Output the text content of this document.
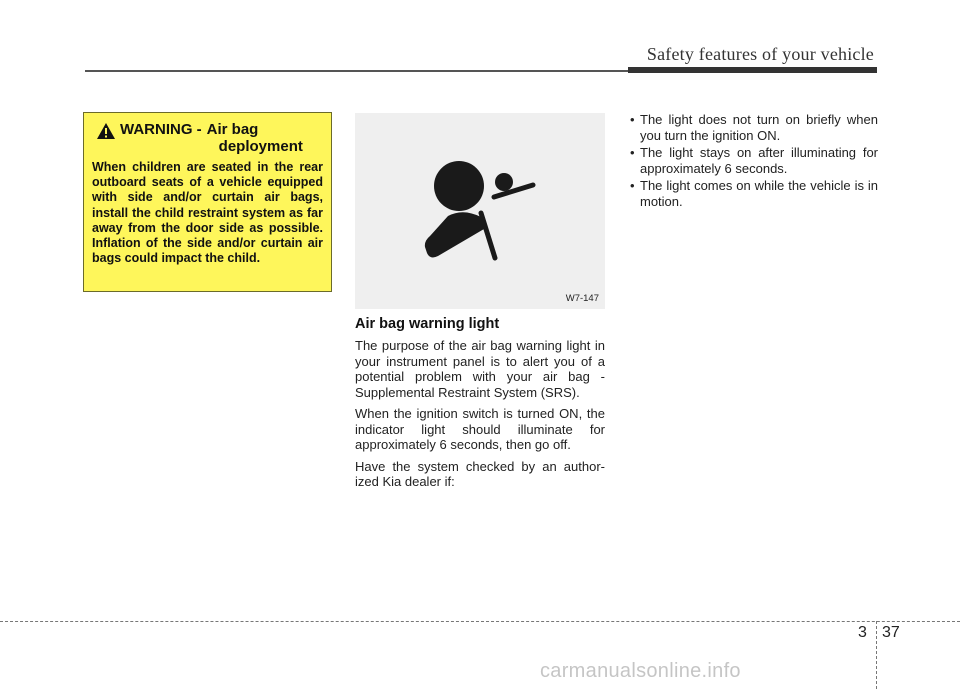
Safety features of your vehicle
WARNING - Air bag
deployment
When children are seated in the rear outboard seats of a vehicle equipped with side and/or curtain air bags, install the child restraint system as far away from the door side as possible. Inflation of the side and/or curtain air bags could impact the child.
W7-147
Air bag warning light

The purpose of the air bag warning light in your instrument panel is to alert you of a potential problem with your air bag - Supplemental Restraint System (SRS).

When the ignition switch is turned ON, the indicator light should illuminate for approximately 6 seconds, then go off.

Have the system checked by an author-ized Kia dealer if:

• The light does not turn on briefly when you turn the ignition ON.
• The light stays on after illuminating for approximately 6 seconds.
• The light comes on while the vehicle is in motion.
3 37
carmanualsonline.info
